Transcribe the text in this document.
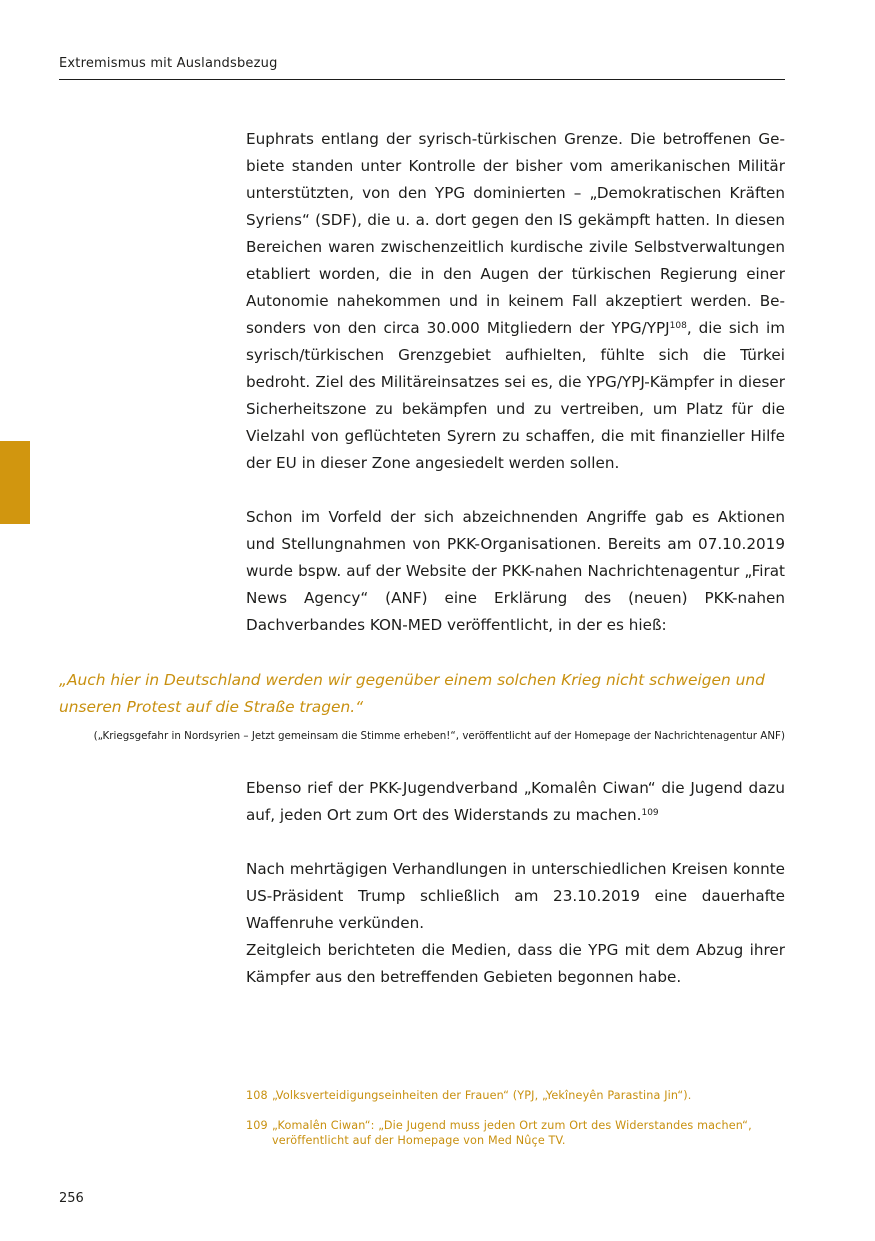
Extremismus mit Auslandsbezug

Euphrats entlang der syrisch-türkischen Grenze. Die betroffenen Gebiete standen unter Kontrolle der bisher vom amerikanischen Militär unterstützten, von den YPG dominierten – „Demokratischen Kräften Syriens“ (SDF), die u. a. dort gegen den IS gekämpft hatten. In diesen Bereichen waren zwischenzeitlich kurdische zivile Selbstverwaltungen etabliert worden, die in den Augen der türkischen Regierung einer Autonomie nahekommen und in keinem Fall akzeptiert werden. Besonders von den circa 30.000 Mitgliedern der YPG/YPJ$^{108}$, die sich im syrisch/türkischen Grenzgebiet aufhielten, fühlte sich die Türkei bedroht. Ziel des Militäreinsatzes sei es, die YPG/YPJ-Kämpfer in dieser Sicherheitszone zu bekämpfen und zu vertreiben, um Platz für die Vielzahl von geflüchteten Syrern zu schaffen, die mit finanzieller Hilfe der EU in dieser Zone angesiedelt werden sollen.

Schon im Vorfeld der sich abzeichnenden Angriffe gab es Aktionen und Stellungnahmen von PKK-Organisationen. Bereits am 07.10.2019 wurde bspw. auf der Website der PKK-nahen Nachrichtenagentur „Firat News Agency“ (ANF) eine Erklärung des (neuen) PKK-nahen Dachverbandes KON-MED veröffentlicht, in der es hieß:

„Auch hier in Deutschland werden wir gegenüber einem solchen Krieg nicht schweigen und unseren Protest auf die Straße tragen.“
(„Kriegsgefahr in Nordsyrien – Jetzt gemeinsam die Stimme erheben!“, veröffentlicht auf der Homepage der Nachrichtenagentur ANF)

Ebenso rief der PKK-Jugendverband „Komalên Ciwan“ die Jugend dazu auf, jeden Ort zum Ort des Widerstands zu machen.$^{109}$

Nach mehrtägigen Verhandlungen in unterschiedlichen Kreisen konnte US-Präsident Trump schließlich am 23.10.2019 eine dauerhafte Waffenruhe verkünden.

Zeitgleich berichteten die Medien, dass die YPG mit dem Abzug ihrer Kämpfer aus den betreffenden Gebieten begonnen habe.

108 „Volksverteidigungseinheiten der Frauen“ (YPJ, „Yekîneyên Parastina Jin“).
109 „Komalên Ciwan“: „Die Jugend muss jeden Ort zum Ort des Widerstandes machen“,
veröffentlicht auf der Homepage von Med Nûçe TV.
256
